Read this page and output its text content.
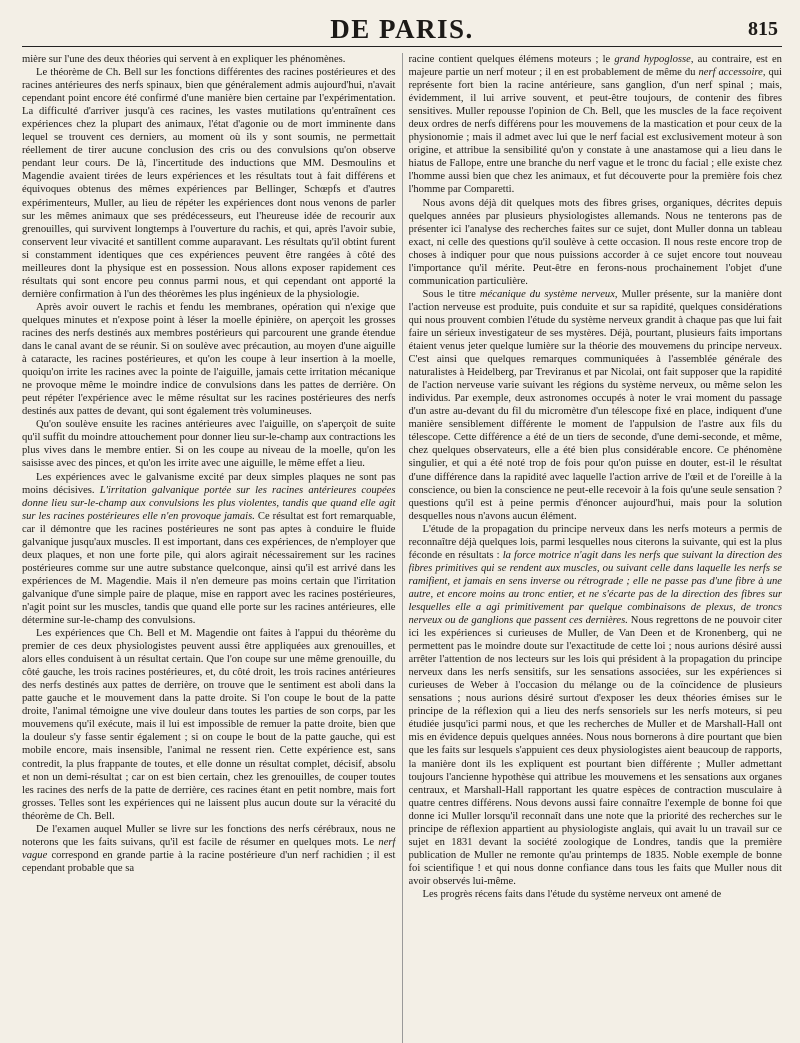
DE PARIS.	815

mière sur l'une des deux théories qui servent à en expliquer les phénomènes.

Le théorème de Ch. Bell sur les fonctions différentes des racines postérieures et des racines antérieures des nerfs spinaux, bien que généralement admis aujourd'hui, n'avait cependant point encore été confirmé d'une manière bien certaine par l'expérimentation. La difficulté d'arriver jusqu'à ces racines, les vastes mutilations qu'entraînent ces expériences chez la plupart des animaux, l'état d'agonie ou de mort imminente dans lequel se trouvent ces derniers, au moment où ils y sont soumis, ne permettait réellement de tirer aucune conclusion des cris ou des convulsions qu'on observe pendant leur cours. De là, l'incertitude des inductions que MM. Desmoulins et Magendie avaient tirées de leurs expériences et les résultats tout à fait différens et équivoques obtenus des mêmes expériences par Bellinger, Schœpfs et d'autres expérimenteurs, Muller, au lieu de répéter les expériences dont nous venons de parler sur les mêmes animaux que ses prédécesseurs, eut l'heureuse idée de recourir aux grenouilles, qui survivent longtemps à l'ouverture du rachis, et qui, après l'avoir subie, conservent leur vivacité et santillent comme auparavant. Les résultats qu'il obtint furent si constamment identiques que ces expériences peuvent être rangées à côté des meilleures dont la physique est en possession. Nous allons exposer rapidement ces résultats qui sont encore peu connus parmi nous, et qui cependant ont apporté la dernière confirmation à l'un des théorèmes les plus ingénieux de la physiologie.

Après avoir ouvert le rachis et fendu les membranes, opération qui n'exige que quelques minutes et n'expose point à léser la moelle épinière, on aperçoit les grosses racines des nerfs destinés aux membres postérieurs qui parcourent une grande étendue dans le canal avant de se réunir. Si on soulève avec précaution, au moyen d'une aiguille à cataracte, les racines postérieures, et qu'on les coupe à leur insertion à la moelle, quoiqu'on irrite les racines avec la pointe de l'aiguille, jamais cette irritation mécanique ne provoque même le moindre indice de convulsions dans les pattes de derrière. On peut répéter l'expérience avec le même résultat sur les racines postérieures des nerfs destinés aux pattes de devant, qui sont également très volumineuses.

Qu'on soulève ensuite les racines antérieures avec l'aiguille, on s'aperçoit de suite qu'il suffit du moindre attouchement pour donner lieu sur-le-champ aux contractions les plus vives dans le membre entier. Si on les coupe au niveau de la moelle, qu'on les saisisse avec des pinces, et qu'on les irrite avec une aiguille, le même effet a lieu.

Les expériences avec le galvanisme excité par deux simples plaques ne sont pas moins décisives. L'irritation galvanique portée sur les racines antérieures coupées donne lieu sur-le-champ aux convulsions les plus violentes, tandis que quand elle agit sur les racines postérieures elle n'en provoque jamais. Ce résultat est fort remarquable, car il démontre que les racines postérieures ne sont pas aptes à conduire le fluide galvanique jusqu'aux muscles. Il est important, dans ces expériences, de n'employer que deux plaques, et non une forte pile, qui alors agirait nécessairement sur les racines postérieures comme sur une autre substance quelconque, ainsi qu'il est arrivé dans les expériences de M. Magendie. Mais il n'en demeure pas moins certain que l'irritation galvanique d'une simple paire de plaque, mise en rapport avec les racines postérieures, n'agit point sur les muscles, tandis que quand elle porte sur les racines antérieures, elle détermine sur-le-champ des convulsions.

Les expériences que Ch. Bell et M. Magendie ont faites à l'appui du théorème du premier de ces deux physiologistes peuvent aussi être appliquées aux grenouilles, et alors elles conduisent à un résultat certain. Que l'on coupe sur une même grenouille, du côté gauche, les trois racines postérieures, et, du côté droit, les trois racines antérieures des nerfs destinés aux pattes de derrière, on trouve que le sentiment est aboli dans la patte gauche et le mouvement dans la patte droite. Si l'on coupe le bout de la patte droite, l'animal témoigne une vive douleur dans toutes les parties de son corps, par les mouvemens qu'il exécute, mais il lui est impossible de remuer la patte droite, bien que la douleur s'y fasse sentir également ; si on coupe le bout de la patte gauche, qui est mobile encore, mais insensible, l'animal ne ressent rien. Cette expérience est, sans contredit, la plus frappante de toutes, et elle donne un résultat complet, décisif, absolu et non un demi-résultat ; car on est bien certain, chez les grenouilles, de couper toutes les racines des nerfs de la patte de derrière, ces racines étant en petit nombre, mais fort grosses. Telles sont les expériences qui ne laissent plus aucun doute sur la véracité du théorème de Ch. Bell.

De l'examen auquel Muller se livre sur les fonctions des nerfs cérébraux, nous ne noterons que les faits suivans, qu'il est facile de résumer en quelques mots. Le nerf vague correspond en grande partie à la racine postérieure d'un nerf rachidien ; il est cependant probable que sa

racine contient quelques élémens moteurs ; le grand hypoglosse, au contraire, est en majeure partie un nerf moteur ; il en est probablement de même du nerf accessoire, qui représente fort bien la racine antérieure, sans ganglion, d'un nerf spinal ; mais, évidemment, il lui arrive souvent, et peut-être toujours, de contenir des fibres sensitives. Muller repousse l'opinion de Ch. Bell, que les muscles de la face reçoivent deux ordres de nerfs différens pour les mouvemens de la mastication et pour ceux de la physionomie ; mais il admet avec lui que le nerf facial est exclusivement moteur à son origine, et attribue la sensibilité qu'on y constate à une anastamose qui a lieu dans le hiatus de Fallope, entre une branche du nerf vague et le tronc du facial ; elle existe chez l'homme aussi bien que chez les animaux, et fut découverte pour la première fois chez l'homme par Comparetti.

Nous avons déjà dit quelques mots des fibres grises, organiques, décrites depuis quelques années par plusieurs physiologistes allemands. Nous ne tenterons pas de présenter ici l'analyse des recherches faites sur ce sujet, dont Muller donna un tableau exact, ni celle des questions qu'il soulève à cette occasion. Il nous reste encore trop de choses à indiquer pour que nous puissions accorder à ce sujet encore tout nouveau l'importance qu'il mérite. Peut-être en ferons-nous prochainement l'objet d'une communication particulière.

Sous le titre mécanique du système nerveux, Muller présente, sur la manière dont l'action nerveuse est produite, puis conduite et sur sa rapidité, quelques considérations qui nous prouvent combien l'étude du système nerveux grandit à chaque pas que lui fait faire un sérieux investigateur de ses mystères. Déjà, pourtant, plusieurs faits importans étaient venus jeter quelque lumière sur la théorie des mouvemens du principe nerveux. C'est ainsi que quelques remarques communiquées à l'assemblée générale des naturalistes à Heidelberg, par Treviranus et par Nicolai, ont fait supposer que la rapidité de l'action nerveuse varie suivant les régions du système nerveux, ou même selon les individus. Par exemple, deux astronomes occupés à noter le vrai moment du passage d'un astre au-devant du fil du micromètre d'un télescope fixé en place, indiquent d'une manière sensiblement différente le moment de l'appulsion de l'astre aux fils du télescope. Cette différence a été de un tiers de seconde, d'une demi-seconde, et même, chez quelques observateurs, elle a été bien plus considérable encore. Ce phénomène singulier, et qui a été noté trop de fois pour qu'on puisse en douter, est-il le résultat d'une différence dans la rapidité avec laquelle l'action arrive de l'œil et de l'oreille à la conscience, ou bien la conscience ne peut-elle recevoir à la fois qu'une seule sensation ? questions qu'il est à peine permis d'énoncer aujourd'hui, mais pour la solution desquelles nous n'avons aucun élément.

L'étude de la propagation du principe nerveux dans les nerfs moteurs a permis de reconnaître déjà quelques lois, parmi lesquelles nous citerons la suivante, qui est la plus féconde en résultats : la force motrice n'agit dans les nerfs que suivant la direction des fibres primitives qui se rendent aux muscles, ou suivant celle dans laquelle les nerfs se ramifient, et jamais en sens inverse ou rétrograde ; elle ne passe pas d'une fibre à une autre, et encore moins au tronc entier, et ne s'écarte pas de la direction des fibres sur lesquelles elle a agi primitivement par quelque combinaisons de plexus, de troncs nerveux ou de ganglions que passent ces dernières. Nous regrettons de ne pouvoir citer ici les expériences si curieuses de Muller, de Van Deen et de Kronenberg, qui ne permettent pas le moindre doute sur l'exactitude de cette loi ; nous aurions désiré aussi arrêter l'attention de nos lecteurs sur les lois qui président à la propagation du principe nerveux dans les nerfs sensitifs, sur les sensations associées, sur les expériences si curieuses de Weber à l'occasion du mélange ou de la coïncidence de plusieurs sensations ; nous aurions désiré surtout d'exposer les deux théories émises sur le principe de la réflexion qui a lieu des nerfs sensoriels sur les nerfs moteurs, si peu étudiée jusqu'ici parmi nous, et que les recherches de Muller et de Marshall-Hall ont mis en évidence depuis quelques années. Nous nous bornerons à dire pourtant que bien que les faits sur lesquels s'appuient ces deux physiologistes aient beaucoup de rapports, la manière dont ils les expliquent est pourtant bien différente ; Muller admettant toujours l'ancienne hypothèse qui attribue les mouvemens et les sensations aux organes centraux, et Marshall-Hall rapportant les quatre espèces de contraction musculaire à quatre centres différens. Nous devons aussi faire connaître l'exemple de bonne foi que donne ici Muller lorsqu'il reconnaît dans une note que la priorité des recherches sur le principe de réflexion appartient au physiologiste anglais, qui avait lu un travail sur ce sujet en 1831 devant la société zoologique de Londres, tandis que la première publication de Muller ne remonte qu'au printemps de 1835. Noble exemple de bonne foi scientifique ! et qui nous donne confiance dans tous les faits que Muller nous dit avoir observés lui-même.

Les progrès récens faits dans l'étude du système nerveux ont amené de
